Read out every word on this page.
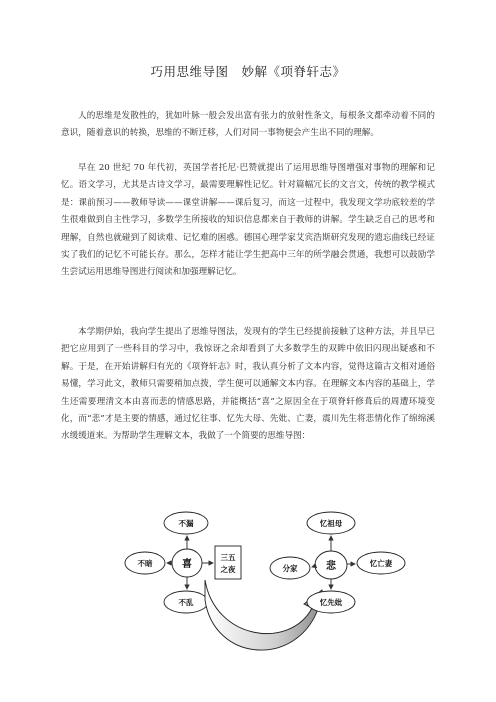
巧用思维导图　妙解《项脊轩志》

人的思维是发散性的，犹如叶脉一般会发出富有张力的放射性条文，每根条文都牵动着不同的意识，随着意识的转换，思维的不断迁移，人们对同一事物便会产生出不同的理解。

早在 20 世纪 70 年代初，英国学者托尼·巴赞就提出了运用思维导图增强对事物的理解和记忆。语文学习，尤其是古诗文学习，最需要理解性记忆。针对篇幅冗长的文言文，传统的教学模式是：课前预习——教师导读——课堂讲解——课后复习，而这一过程中，我发现文学功底较差的学生很难做到自主性学习，多数学生所接收的知识信息都来自于教师的讲解。学生缺乏自己的思考和理解，自然也就碰到了阅读难、记忆难的困惑。德国心理学家艾宾浩斯研究发现的遗忘曲线已经证实了我们的记忆不可能长存。那么，怎样才能让学生把高中三年的所学融会贯通，我想可以鼓励学生尝试运用思维导图进行阅读和加强理解记忆。

本学期伊始，我向学生提出了思维导图法，发现有的学生已经提前接触了这种方法，并且早已把它应用到了一些科目的学习中，我惊讶之余却看到了大多数学生的双眸中依旧闪现出疑惑和不解。于是，在开始讲解归有光的《项脊轩志》时，我认真分析了文本内容，觉得这篇古文相对通俗易懂，学习此文，教师只需要稍加点拨，学生便可以通解文本内容。在理解文本内容的基础上，学生还需要理清文本由喜而悲的情感思路，并能概括“喜”之原因全在于项脊轩修葺后的周遭环境变化，而“悲”才是主要的情感，通过忆往事、忆先大母、先妣、亡妻，震川先生将悲情化作了绵绵溪水缓缓道来。为帮助学生理解文本，我做了一个简要的思维导图：

不漏
不暗
不乱
喜
三五
之夜
忆祖母
分家
忆亡妻
忆先妣
悲
